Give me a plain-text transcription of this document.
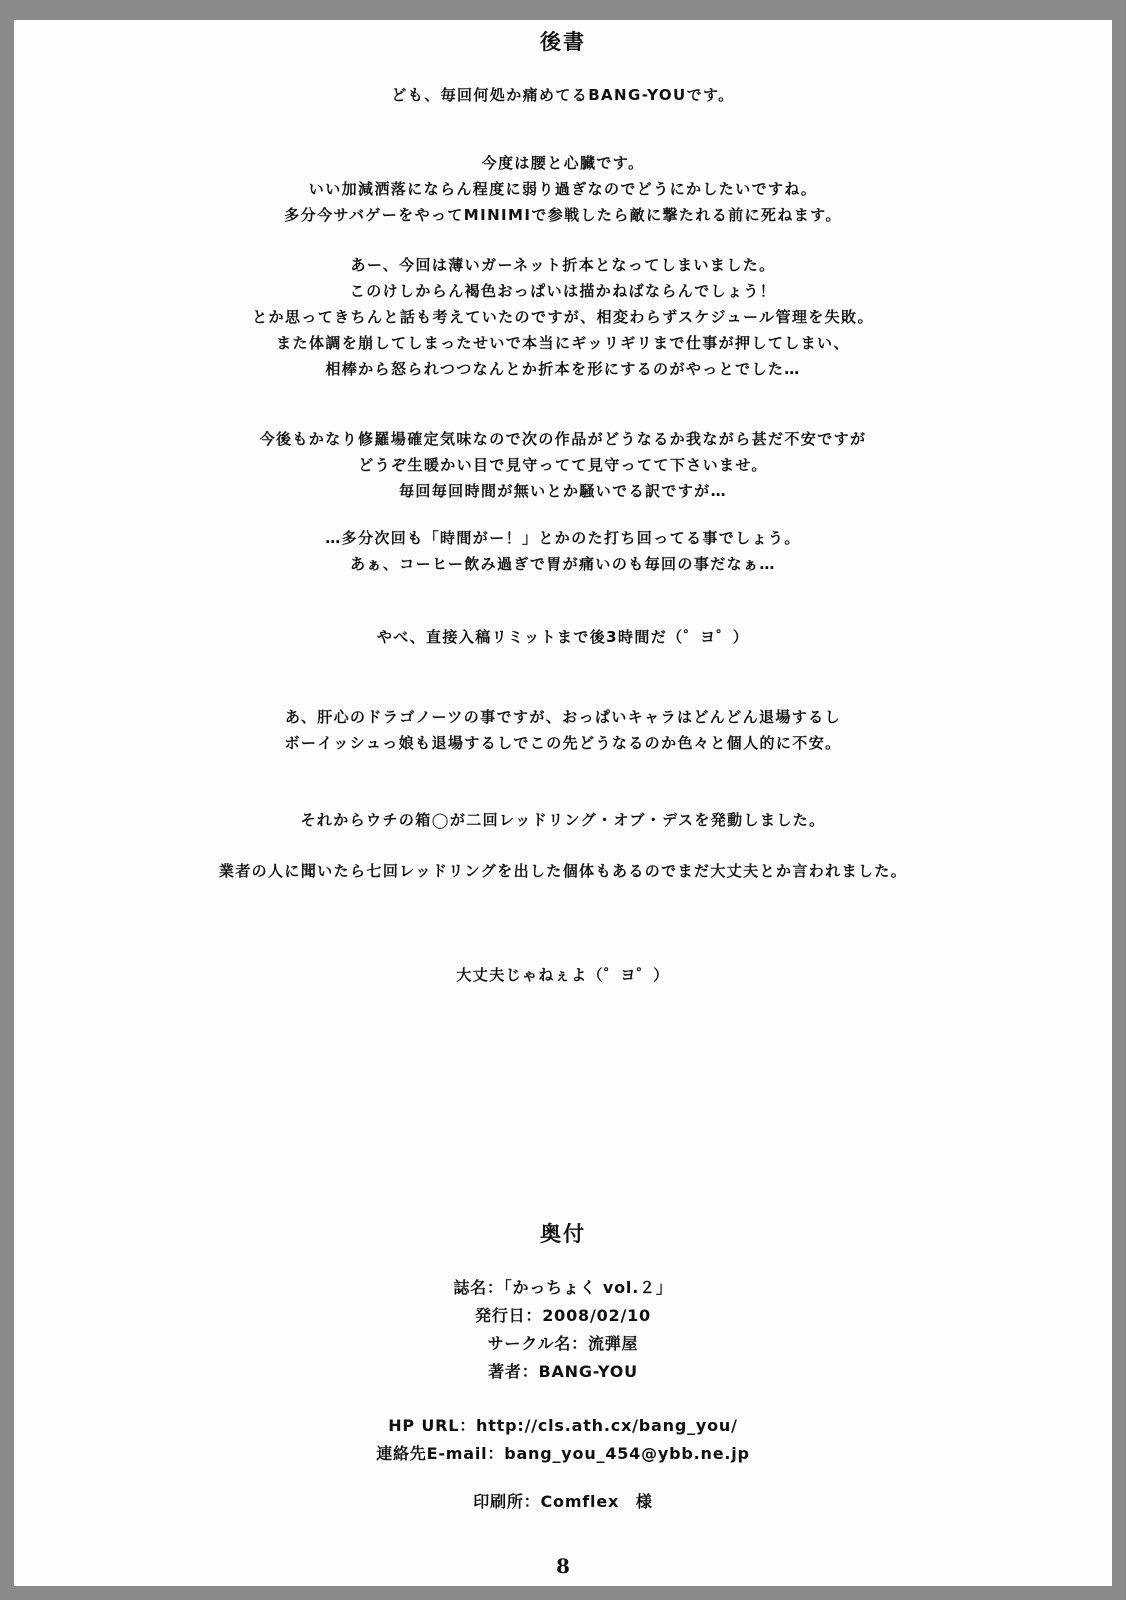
後書
ども、毎回何処か痛めてるBANG-YOUです。
今度は腰と心臓です。
いい加減洒落にならん程度に弱り過ぎなのでどうにかしたいですね。
多分今サバゲーをやってMINIMIで参戦したら敵に撃たれる前に死ねます。
あー、今回は薄いガーネット折本となってしまいました。
このけしからん褐色おっぱいは描かねばならんでしょう！
とか思ってきちんと話も考えていたのですが、相変わらずスケジュール管理を失敗。
また体調を崩してしまったせいで本当にギッリギリまで仕事が押してしまい、
相棒から怒られつつなんとか折本を形にするのがやっとでした…
今後もかなり修羅場確定気味なので次の作品がどうなるか我ながら甚だ不安ですが
どうぞ生暖かい目で見守ってて見守ってて下さいませ。
毎回毎回時間が無いとか騒いでる訳ですが…
…多分次回も「時間がー！」とかのた打ち回ってる事でしょう。
あぁ、コーヒー飲み過ぎで胃が痛いのも毎回の事だなぁ…
やべ、直接入稿リミットまで後3時間だ（゜ヨ゜）
あ、肝心のドラゴノーツの事ですが、おっぱいキャラはどんどん退場するし
ボーイッシュっ娘も退場するしでこの先どうなるのか色々と個人的に不安。
それからウチの箱◯が二回レッドリング・オブ・デスを発動しました。
業者の人に聞いたら七回レッドリングを出した個体もあるのでまだ大丈夫とか言われました。
大丈夫じゃねぇよ（゜ヨ゜）
奥付
誌名：「かっちょく vol.２」
発行日：2008/02/10
サークル名：流弾屋
著者：BANG-YOU
HP URL：http://cls.ath.cx/bang_you/
連絡先E-mail：bang_you_454@ybb.ne.jp
印刷所：Comflex　様
8
